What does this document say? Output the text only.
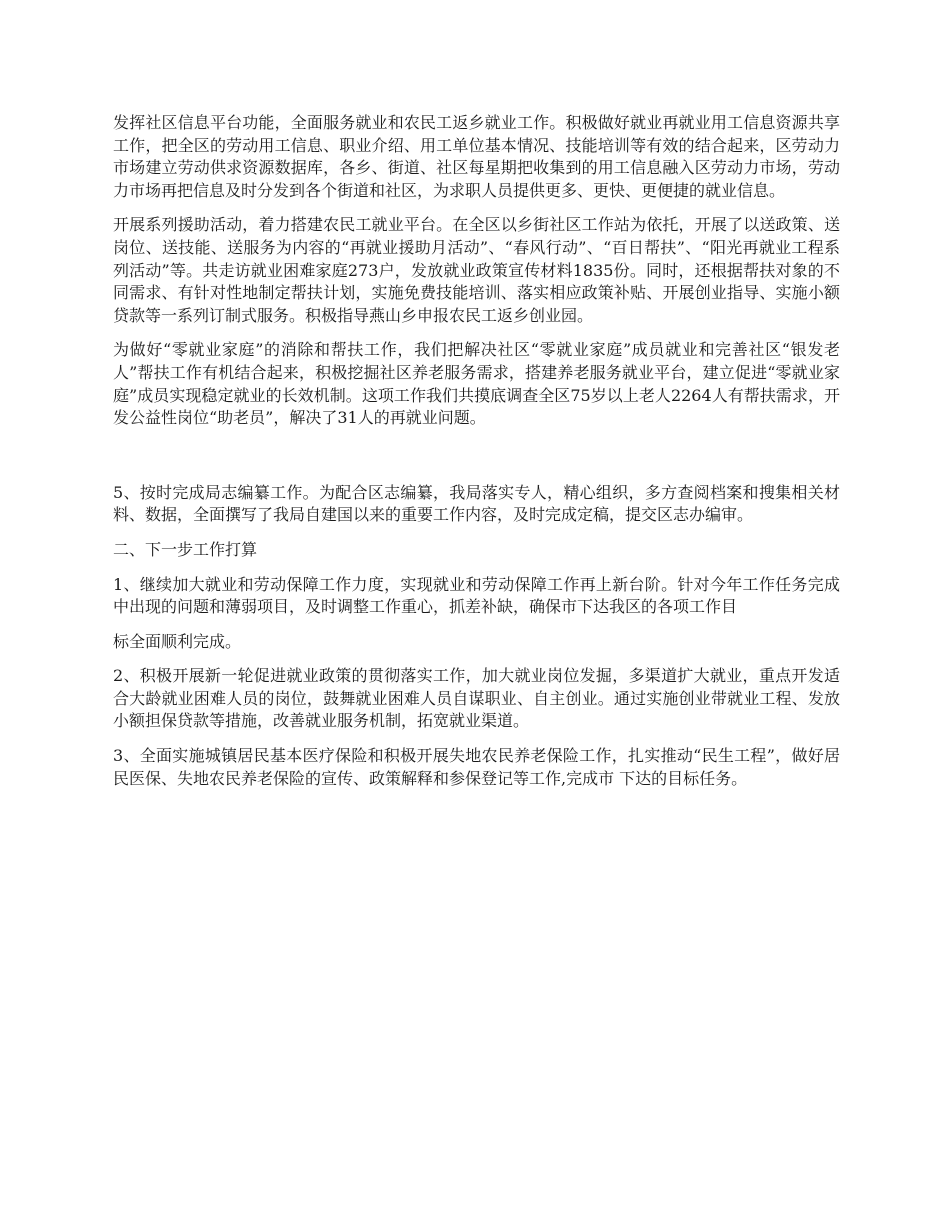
发挥社区信息平台功能，全面服务就业和农民工返乡就业工作。积极做好就业再就业用工信息资源共享工作，把全区的劳动用工信息、职业介绍、用工单位基本情况、技能培训等有效的结合起来，区劳动力市场建立劳动供求资源数据库，各乡、街道、社区每星期把收集到的用工信息融入区劳动力市场，劳动力市场再把信息及时分发到各个街道和社区，为求职人员提供更多、更快、更便捷的就业信息。

开展系列援助活动，着力搭建农民工就业平台。在全区以乡街社区工作站为依托，开展了以送政策、送岗位、送技能、送服务为内容的“再就业援助月活动”、“春风行动”、“百日帮扶”、“阳光再就业工程系列活动”等。共走访就业困难家庭273户，发放就业政策宣传材料1835份。同时，还根据帮扶对象的不同需求、有针对性地制定帮扶计划，实施免费技能培训、落实相应政策补贴、开展创业指导、实施小额贷款等一系列订制式服务。积极指导燕山乡申报农民工返乡创业园。

为做好“零就业家庭”的消除和帮扶工作，我们把解决社区“零就业家庭”成员就业和完善社区“银发老人”帮扶工作有机结合起来，积极挖掘社区养老服务需求，搭建养老服务就业平台，建立促进“零就业家庭”成员实现稳定就业的长效机制。这项工作我们共摸底调查全区75岁以上老人2264人有帮扶需求，开发公益性岗位“助老员”，解决了31人的再就业问题。

5、按时完成局志编纂工作。为配合区志编纂，我局落实专人，精心组织，多方查阅档案和搜集相关材料、数据，全面撰写了我局自建国以来的重要工作内容，及时完成定稿，提交区志办编审。

二、下一步工作打算

1、继续加大就业和劳动保障工作力度，实现就业和劳动保障工作再上新台阶。针对今年工作任务完成中出现的问题和薄弱项目，及时调整工作重心，抓差补缺，确保市下达我区的各项工作目

标全面顺利完成。

2、积极开展新一轮促进就业政策的贯彻落实工作，加大就业岗位发掘，多渠道扩大就业，重点开发适合大龄就业困难人员的岗位，鼓舞就业困难人员自谋职业、自主创业。通过实施创业带就业工程、发放小额担保贷款等措施，改善就业服务机制，拓宽就业渠道。

3、全面实施城镇居民基本医疗保险和积极开展失地农民养老保险工作，扎实推动“民生工程”，做好居民医保、失地农民养老保险的宣传、政策解释和参保登记等工作,完成市 下达的目标任务。
